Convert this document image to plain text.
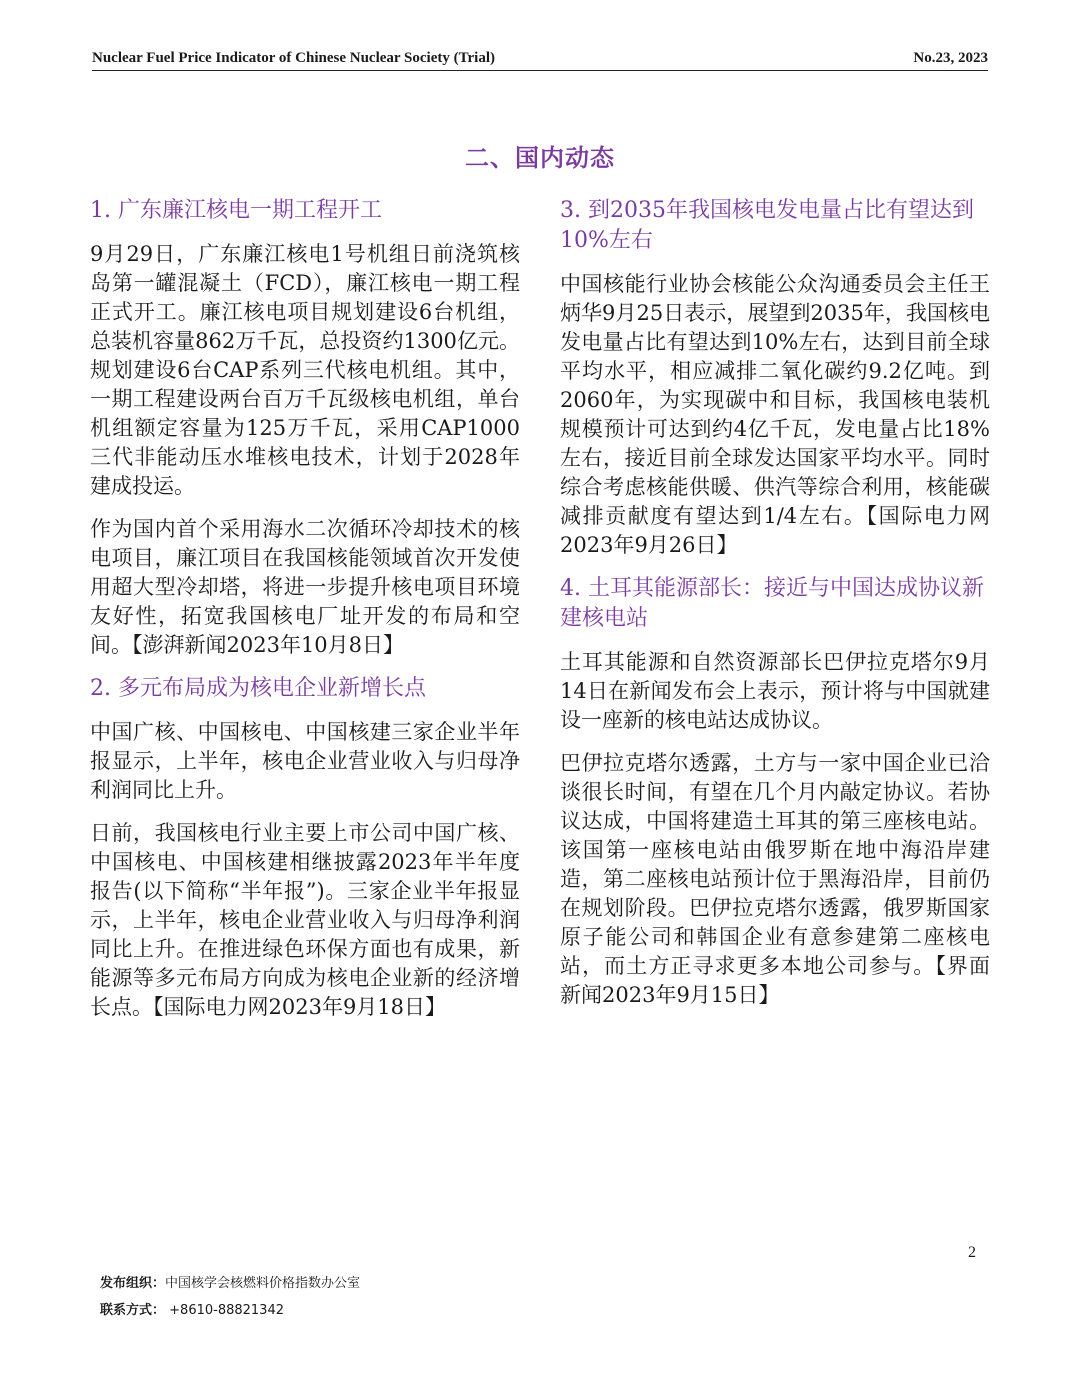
Nuclear Fuel Price Indicator of Chinese Nuclear Society (Trial)	No.23, 2023
二、国内动态
1. 广东廉江核电一期工程开工
9月29日，广东廉江核电1号机组日前浇筑核岛第一罐混凝土（FCD），廉江核电一期工程正式开工。廉江核电项目规划建设6台机组，总装机容量862万千瓦，总投资约1300亿元。规划建设6台CAP系列三代核电机组。其中，一期工程建设两台百万千瓦级核电机组，单台机组额定容量为125万千瓦，采用CAP1000三代非能动压水堆核电技术，计划于2028年建成投运。
作为国内首个采用海水二次循环冷却技术的核电项目，廉江项目在我国核能领域首次开发使用超大型冷却塔，将进一步提升核电项目环境友好性，拓宽我国核电厂址开发的布局和空间。【澎湃新闻2023年10月8日】
2. 多元布局成为核电企业新增长点
中国广核、中国核电、中国核建三家企业半年报显示，上半年，核电企业营业收入与归母净利润同比上升。
日前，我国核电行业主要上市公司中国广核、中国核电、中国核建相继披露2023年半年度报告(以下简称“半年报”)。三家企业半年报显示，上半年，核电企业营业收入与归母净利润同比上升。在推进绿色环保方面也有成果，新能源等多元布局方向成为核电企业新的经济增长点。【国际电力网2023年9月18日】
3. 到2035年我国核电发电量占比有望达到10%左右
中国核能行业协会核能公众沟通委员会主任王炳华9月25日表示，展望到2035年，我国核电发电量占比有望达到10%左右，达到目前全球平均水平，相应减排二氧化碳约9.2亿吨。到2060年，为实现碳中和目标，我国核电装机规模预计可达到约4亿千瓦，发电量占比18%左右，接近目前全球发达国家平均水平。同时综合考虑核能供暖、供汽等综合利用，核能碳减排贡献度有望达到1/4左右。【国际电力网2023年9月26日】
4. 土耳其能源部长：接近与中国达成协议新建核电站
土耳其能源和自然资源部长巴伊拉克塔尔9月14日在新闻发布会上表示，预计将与中国就建设一座新的核电站达成协议。
巴伊拉克塔尔透露，土方与一家中国企业已洽谈很长时间，有望在几个月内敲定协议。若协议达成，中国将建造土耳其的第三座核电站。该国第一座核电站由俄罗斯在地中海沿岸建造，第二座核电站预计位于黑海沿岸，目前仍在规划阶段。巴伊拉克塔尔透露，俄罗斯国家原子能公司和韩国企业有意参建第二座核电站，而土方正寻求更多本地公司参与。【界面新闻2023年9月15日】
2
发布组织：中国核学会核燃料价格指数办公室
联系方式： +8610-88821342
